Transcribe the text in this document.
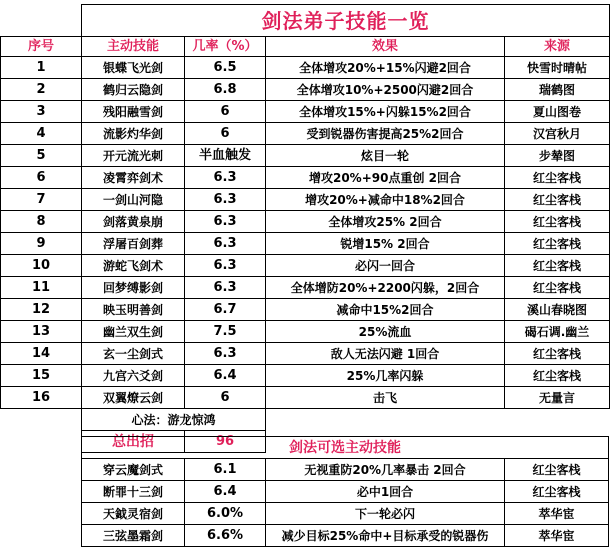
	剑法弟子技能一览			
序号	主动技能	几率（%）	效果	来源
1	银蝶飞光剑	6.5	全体增攻20%+15%闪避2回合	快雪时晴帖
2	鹤归云隐剑	6.8	全体增攻10%+2500闪避2回合	瑞鹤图
3	残阳融雪剑	6	全体增攻15%+闪躲15%2回合	夏山图卷
4	流影灼华剑	6	受到锐器伤害提高25%2回合	汉宫秋月
5	开元流光刺	半血触发	炫目一轮	步辇图
6	凌霄弈剑术	6.3	增攻20%+90点重创 2回合	红尘客栈
7	一剑山河隐	6.3	增攻20%+减命中18%2回合	红尘客栈
8	剑落黄泉崩	6.3	全体增攻25% 2回合	红尘客栈
9	浮屠百剑葬	6.3	锐增15% 2回合	红尘客栈
10	游蛇飞剑术	6.3	必闪一回合	红尘客栈
11	回梦缚影剑	6.3	全体增防20%+2200闪躲，2回合	红尘客栈
12	映玉明善剑	6.7	减命中15%2回合	溪山春晓图
13	幽兰双生剑	7.5	25%流血	碣石调.幽兰
14	玄一尘剑式	6.3	敌人无法闪避 1回合	红尘客栈
15	九宫六爻剑	6.4	25%几率闪躲	红尘客栈
16	双翼燎云剑	6	击飞	无量言
	心法：游龙惊鸿			
	总出招	96			剑法可选主动技能			
穿云魔剑式	6.1	无视重防20%几率暴击 2回合	红尘客栈
断罪十三剑	6.4	必中1回合	红尘客栈
天鉞灵宿剑	6.0%	下一轮必闪	萃华宦
三弦墨霜剑	6.6%	减少目标25%命中+目标承受的锐器伤	萃华宦
